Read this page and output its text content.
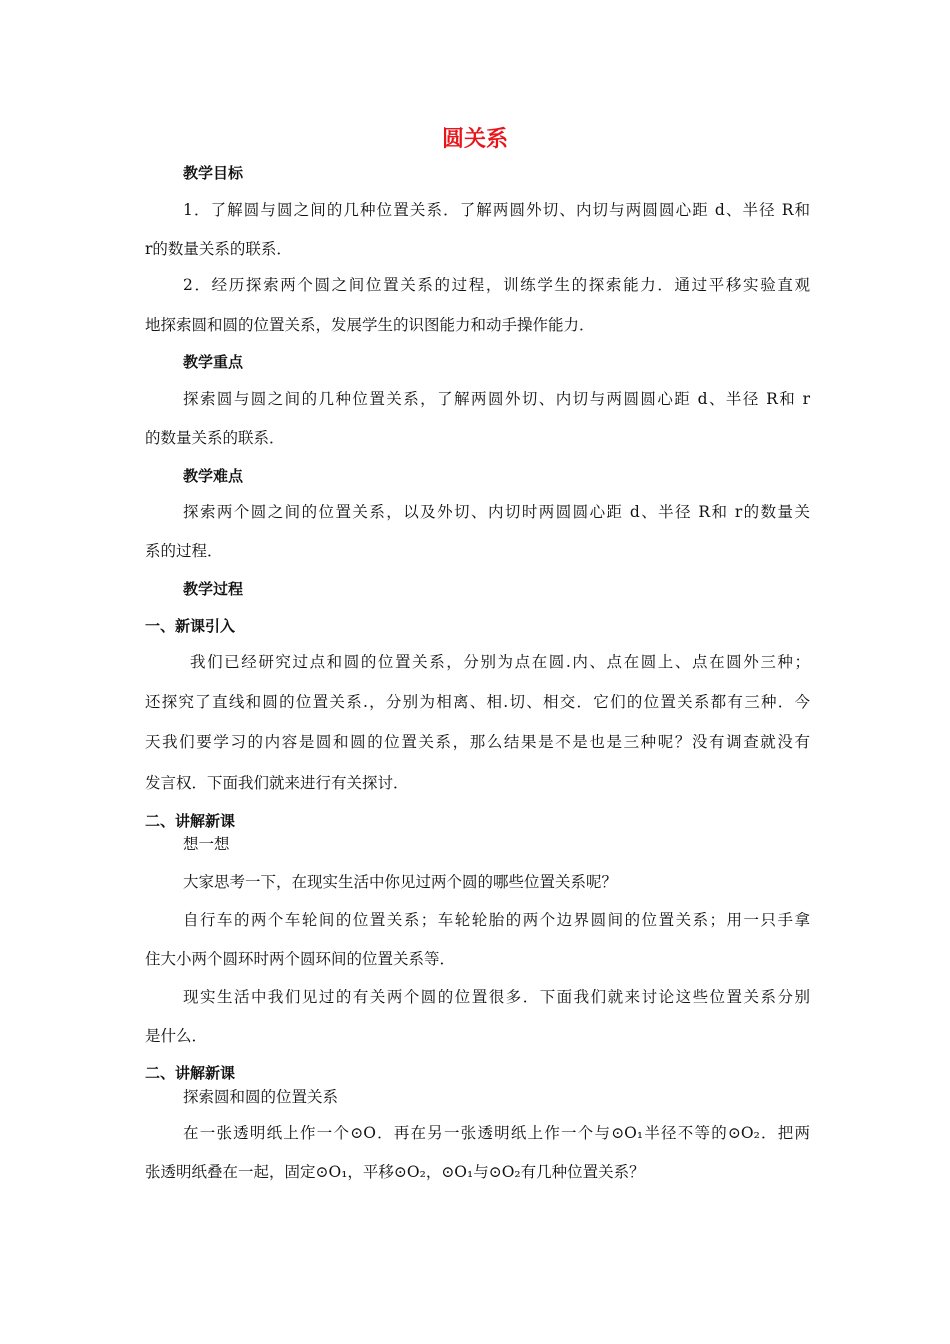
圆关系
教学目标
1．了解圆与圆之间的几种位置关系．了解两圆外切、内切与两圆圆心距 d、半径 R和
r的数量关系的联系．
2．经历探索两个圆之间位置关系的过程，训练学生的探索能力．通过平移实验直观
地探索圆和圆的位置关系，发展学生的识图能力和动手操作能力．
教学重点
探索圆与圆之间的几种位置关系，了解两圆外切、内切与两圆圆心距 d、半径 R和 r
的数量关系的联系．
教学难点
探索两个圆之间的位置关系，以及外切、内切时两圆圆心距 d、半径 R和 r的数量关
系的过程．
教学过程
一、新课引入
我们已经研究过点和圆的位置关系，分别为点在圆.内、点在圆上、点在圆外三种；
还探究了直线和圆的位置关系.，分别为相离、相.切、相交．它们的位置关系都有三种．今
天我们要学习的内容是圆和圆的位置关系，那么结果是不是也是三种呢？没有调查就没有
发言权．下面我们就来进行有关探讨．
二、讲解新课
想一想
大家思考一下，在现实生活中你见过两个圆的哪些位置关系呢？
自行车的两个车轮间的位置关系；车轮轮胎的两个边界圆间的位置关系；用一只手拿
住大小两个圆环时两个圆环间的位置关系等．
现实生活中我们见过的有关两个圆的位置很多．下面我们就来讨论这些位置关系分别
是什么．
二、讲解新课
探索圆和圆的位置关系
在一张透明纸上作一个⊙O．再在另一张透明纸上作一个与⊙O₁半径不等的⊙O₂．把两
张透明纸叠在一起，固定⊙O₁，平移⊙O₂，⊙O₁与⊙O₂有几种位置关系？
